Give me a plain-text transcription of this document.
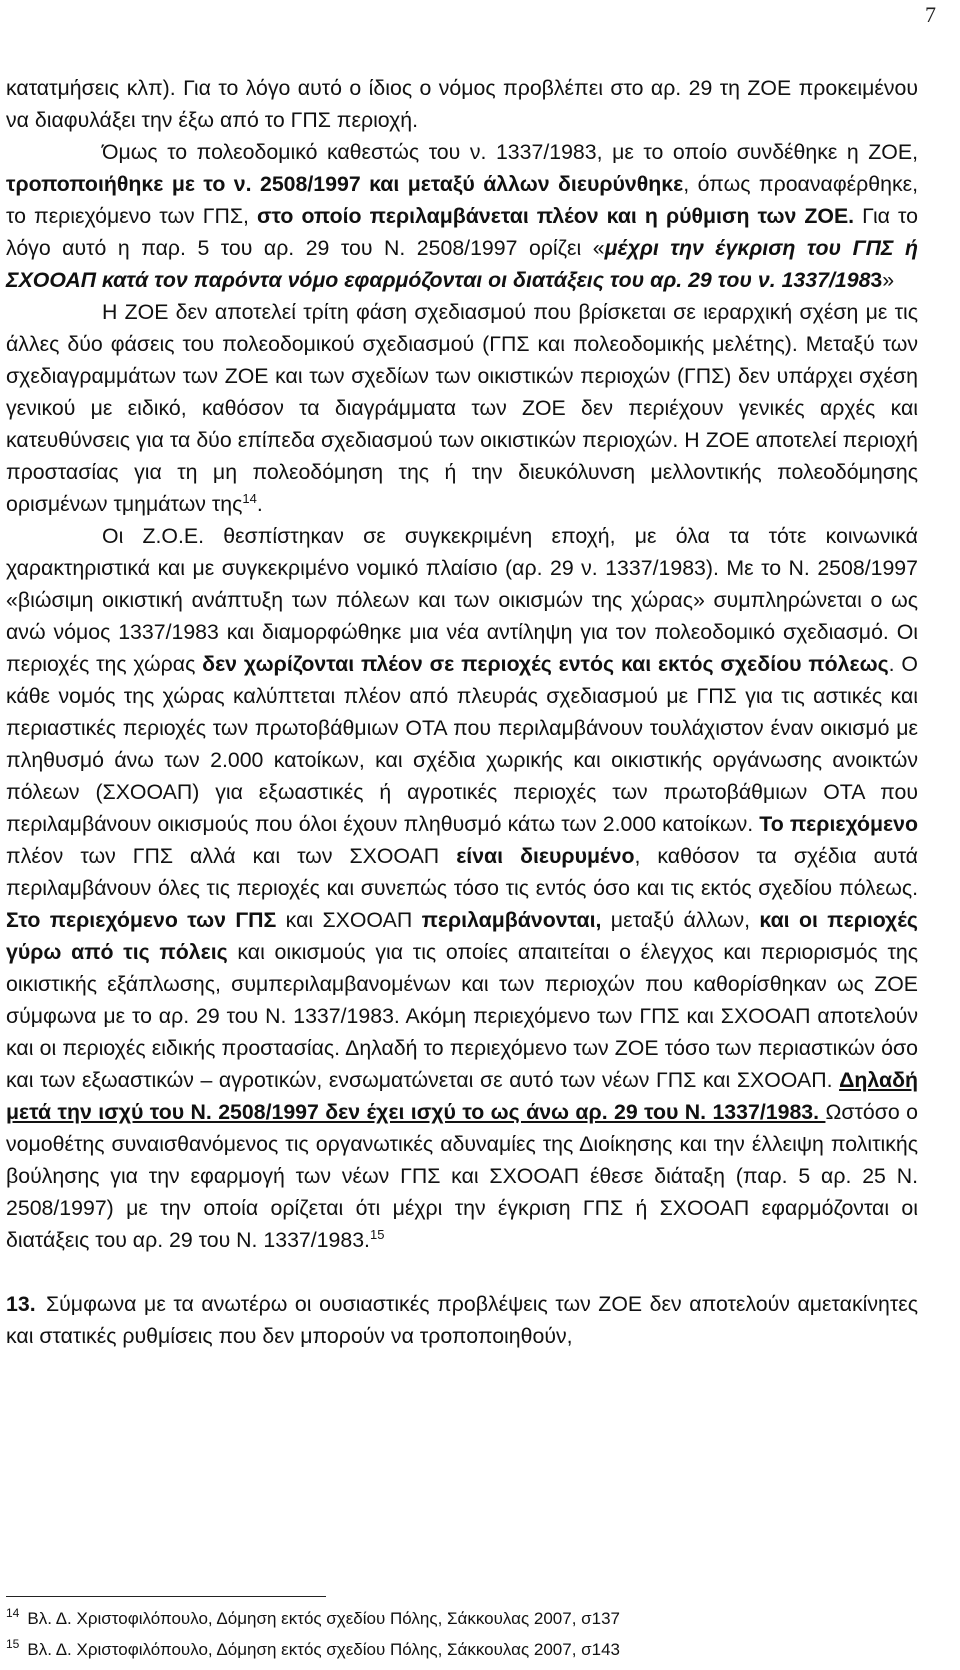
7

κατατμήσεις κλπ). Για το λόγο αυτό ο ίδιος ο νόμος προβλέπει στο αρ. 29 τη ΖΟΕ προκειμένου να διαφυλάξει την έξω από το ΓΠΣ περιοχή.

Όμως το πολεοδομικό καθεστώς του ν. 1337/1983, με το οποίο συνδέθηκε η ΖΟΕ, τροποποιήθηκε με το ν. 2508/1997 και μεταξύ άλλων διευρύνθηκε, όπως προαναφέρθηκε, το περιεχόμενο των ΓΠΣ, στο οποίο περιλαμβάνεται πλέον και η ρύθμιση των ΖΟΕ. Για το λόγο αυτό η παρ. 5 του αρ. 29 του Ν. 2508/1997 ορίζει «μέχρι την έγκριση του ΓΠΣ ή ΣΧΟΟΑΠ κατά τον παρόντα νόμο εφαρμόζονται οι διατάξεις του αρ. 29 του ν. 1337/1983»

Η ΖΟΕ δεν αποτελεί τρίτη φάση σχεδιασμού που βρίσκεται σε ιεραρχική σχέση με τις άλλες δύο φάσεις του πολεοδομικού σχεδιασμού (ΓΠΣ και πολεοδομικής μελέτης). Μεταξύ των σχεδιαγραμμάτων των ΖΟΕ και των σχεδίων των οικιστικών περιοχών (ΓΠΣ) δεν υπάρχει σχέση γενικού με ειδικό, καθόσον τα διαγράμματα των ΖΟΕ δεν περιέχουν γενικές αρχές και κατευθύνσεις για τα δύο επίπεδα σχεδιασμού των οικιστικών περιοχών. Η ΖΟΕ αποτελεί περιοχή προστασίας για τη μη πολεοδόμηση της ή την διευκόλυνση μελλοντικής πολεοδόμησης ορισμένων τμημάτων της$^{14}$.

Οι Ζ.Ο.Ε. θεσπίστηκαν σε συγκεκριμένη εποχή, με όλα τα τότε κοινωνικά χαρακτηριστικά και με συγκεκριμένο νομικό πλαίσιο (αρ. 29 ν. 1337/1983). Με το Ν. 2508/1997 «βιώσιμη οικιστική ανάπτυξη των πόλεων και των οικισμών της χώρας» συμπληρώνεται ο ως ανώ νόμος 1337/1983 και διαμορφώθηκε μια νέα αντίληψη για τον πολεοδομικό σχεδιασμό. Οι περιοχές της χώρας δεν χωρίζονται πλέον σε περιοχές εντός και εκτός σχεδίου πόλεως. Ο κάθε νομός της χώρας καλύπτεται πλέον από πλευράς σχεδιασμού με ΓΠΣ για τις αστικές και περιαστικές περιοχές των πρωτοβάθμιων ΟΤΑ που περιλαμβάνουν τουλάχιστον έναν οικισμό με πληθυσμό άνω των 2.000 κατοίκων, και σχέδια χωρικής και οικιστικής οργάνωσης ανοικτών πόλεων (ΣΧΟΟΑΠ) για εξωαστικές ή αγροτικές περιοχές των πρωτοβάθμιων ΟΤΑ που περιλαμβάνουν οικισμούς που όλοι έχουν πληθυσμό κάτω των 2.000 κατοίκων. Το περιεχόμενο πλέον των ΓΠΣ αλλά και των ΣΧΟΟΑΠ είναι διευρυμένο, καθόσον τα σχέδια αυτά περιλαμβάνουν όλες τις περιοχές και συνεπώς τόσο τις εντός όσο και τις εκτός σχεδίου πόλεως. Στο περιεχόμενο των ΓΠΣ και ΣΧΟΟΑΠ περιλαμβάνονται, μεταξύ άλλων, και οι περιοχές γύρω από τις πόλεις και οικισμούς για τις οποίες απαιτείται ο έλεγχος και περιορισμός της οικιστικής εξάπλωσης, συμπεριλαμβανομένων και των περιοχών που καθορίσθηκαν ως ΖΟΕ σύμφωνα με το αρ. 29 του Ν. 1337/1983. Ακόμη περιεχόμενο των ΓΠΣ και ΣΧΟΟΑΠ αποτελούν και οι περιοχές ειδικής προστασίας. Δηλαδή το περιεχόμενο των ΖΟΕ τόσο των περιαστικών όσο και των εξωαστικών – αγροτικών, ενσωματώνεται σε αυτό των νέων ΓΠΣ και ΣΧΟΟΑΠ. Δηλαδή μετά την ισχύ του Ν. 2508/1997 δεν έχει ισχύ το ως άνω αρ. 29 του Ν. 1337/1983. Ωστόσο ο νομοθέτης συναισθανόμενος τις οργανωτικές αδυναμίες της Διοίκησης και την έλλειψη πολιτικής βούλησης για την εφαρμογή των νέων ΓΠΣ και ΣΧΟΟΑΠ έθεσε διάταξη (παρ. 5 αρ. 25 Ν. 2508/1997) με την οποία ορίζεται ότι μέχρι την έγκριση ΓΠΣ ή ΣΧΟΟΑΠ εφαρμόζονται οι διατάξεις του αρ. 29 του Ν. 1337/1983.15

13. Σύμφωνα με τα ανωτέρω οι ουσιαστικές προβλέψεις των ΖΟΕ δεν αποτελούν αμετακίνητες και στατικές ρυθμίσεις που δεν μπορούν να τροποποιηθούν,

$^{14}$ Βλ. Δ. Χριστοφιλόπουλο, Δόμηση εκτός σχεδίου Πόλης, Σάκκουλας 2007, σ137

$^{15}$ Βλ. Δ. Χριστοφιλόπουλο, Δόμηση εκτός σχεδίου Πόλης, Σάκκουλας 2007, σ143
